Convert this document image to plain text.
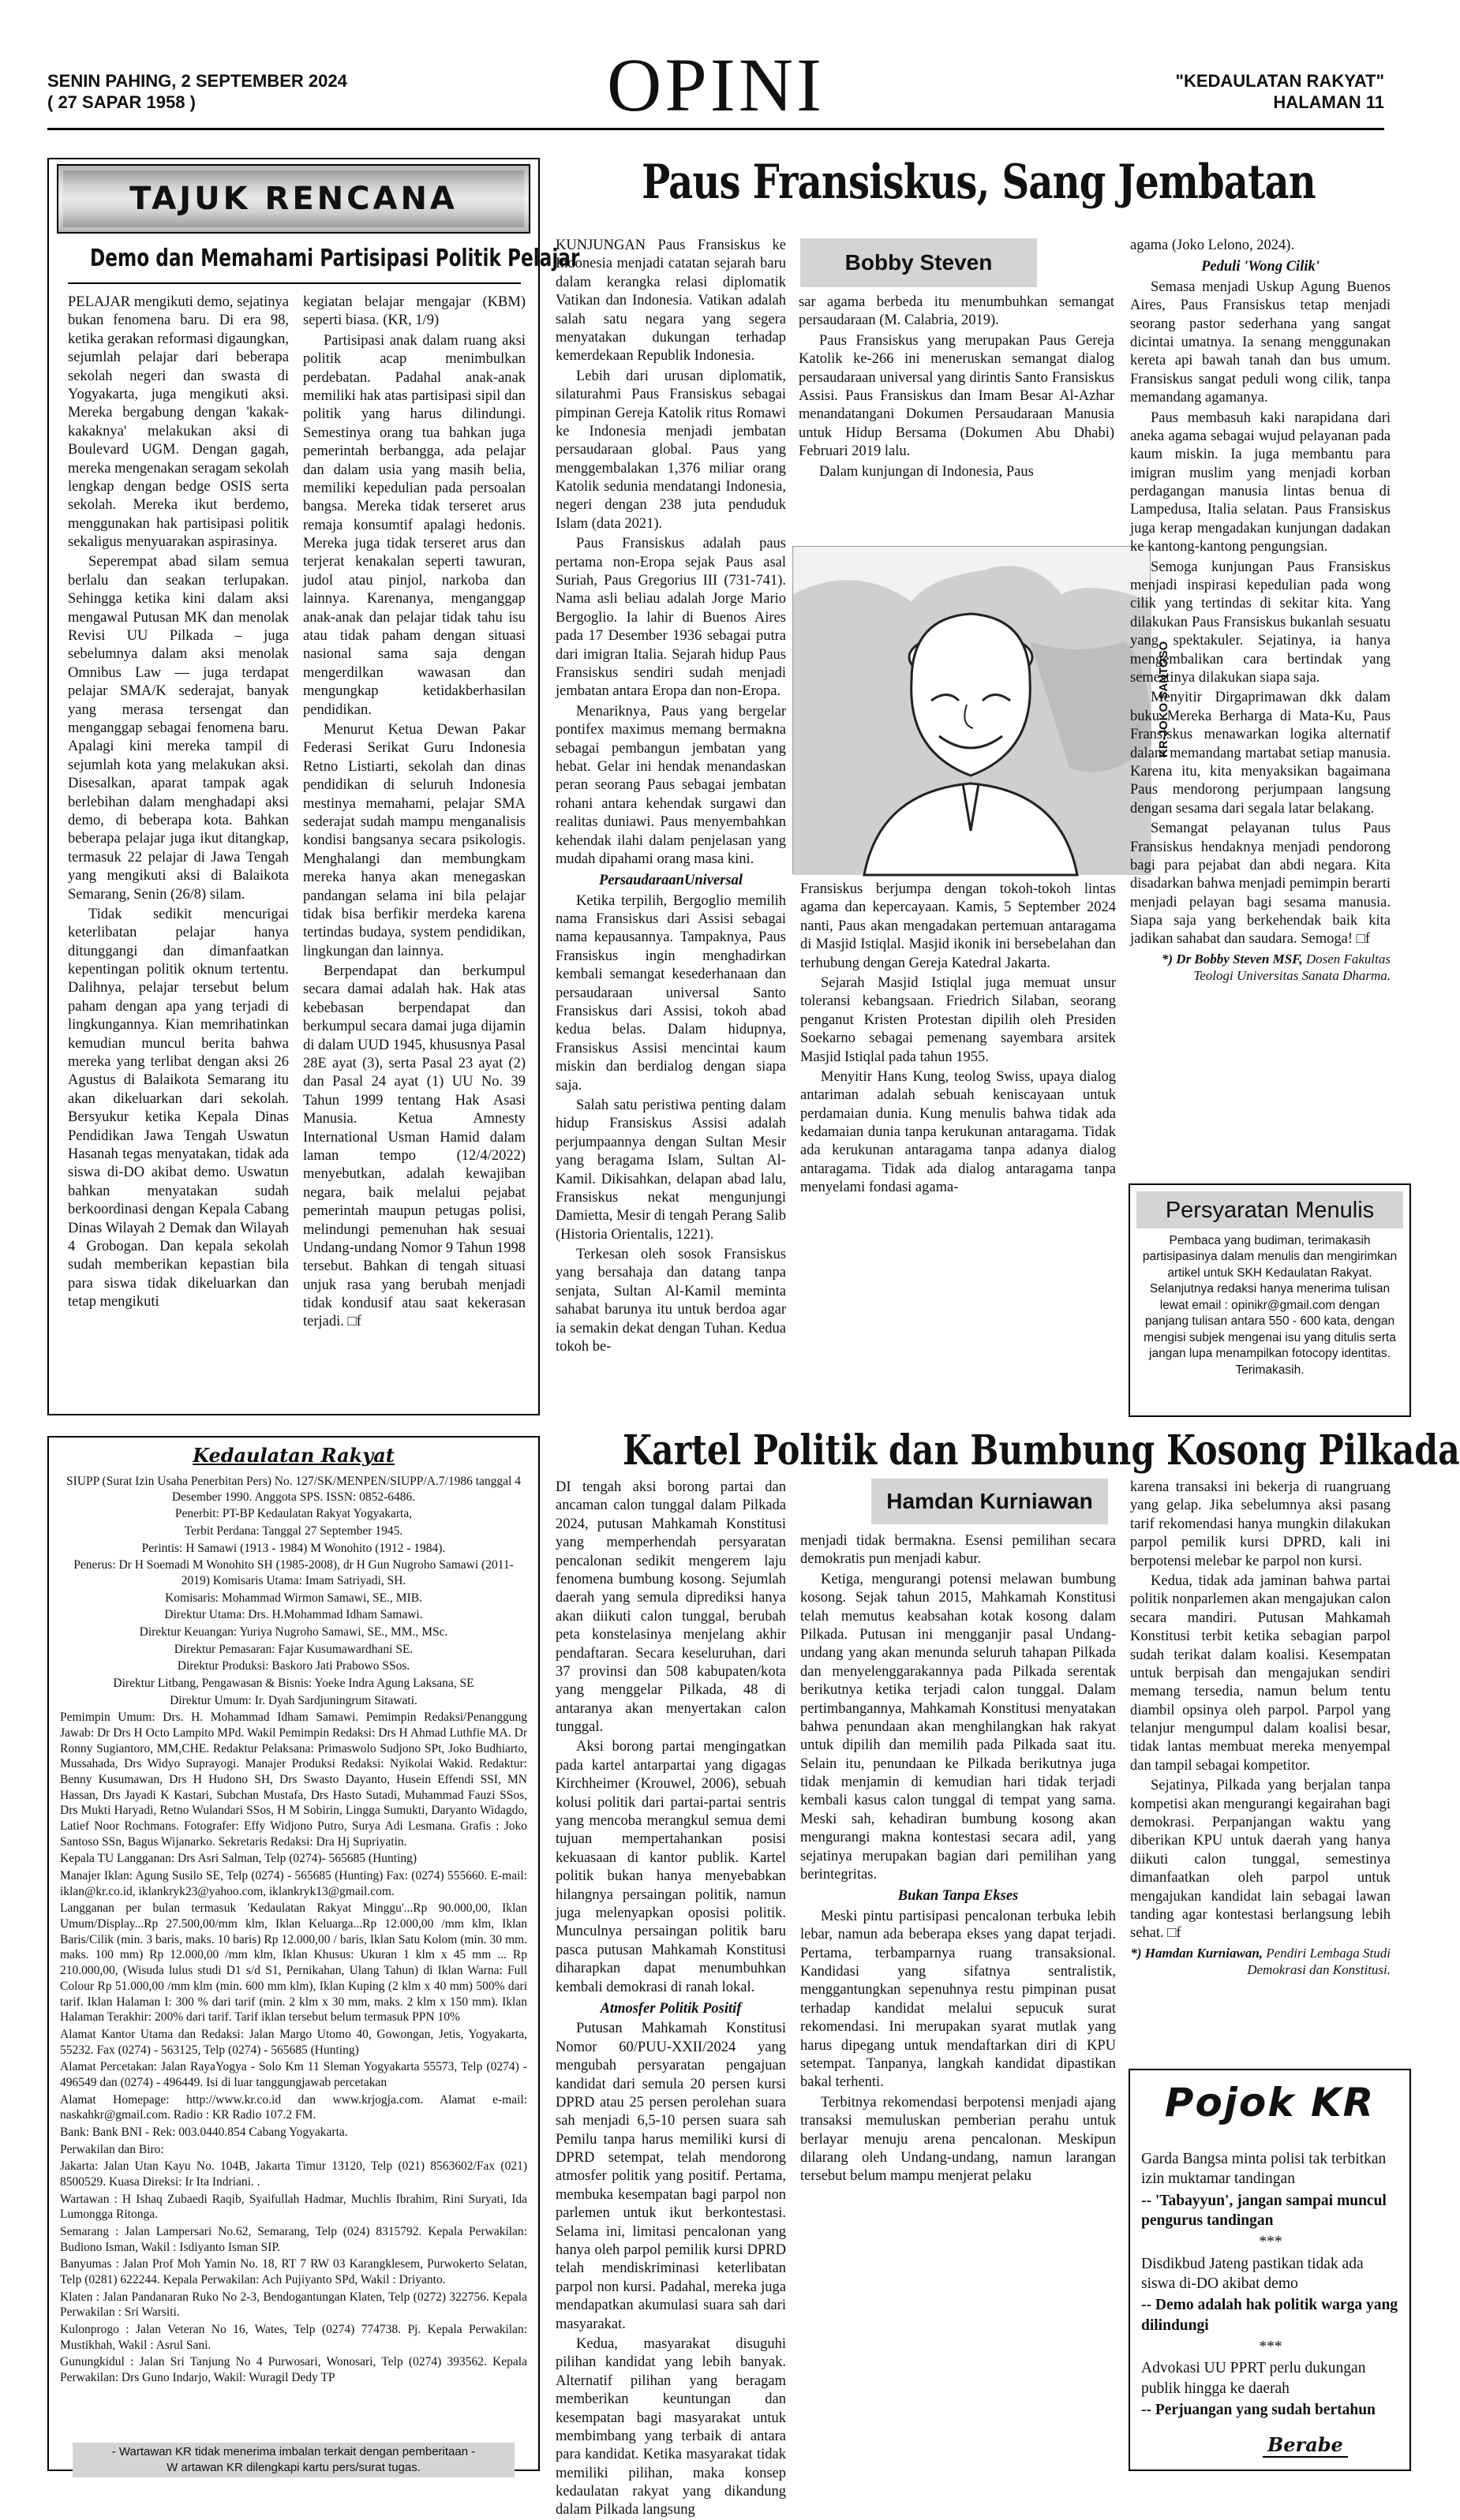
SENIN PAHING, 2 SEPTEMBER 2024
( 27 SAPAR 1958 )	OPINI	"KEDAULATAN RAKYAT"
HALAMAN 11
TAJUK RENCANA
Demo dan Memahami Partisipasi Politik Pelajar

PELAJAR mengikuti demo, sejatinya bukan fenomena baru. Di era 98, ketika gerakan reformasi digaungkan, sejumlah pelajar dari beberapa sekolah negeri dan swasta di Yogyakarta, juga mengikuti aksi. Mereka bergabung dengan 'kakak-kakaknya' melakukan aksi di Boulevard UGM. Dengan gagah, mereka mengenakan seragam sekolah lengkap dengan bedge OSIS serta sekolah. Mereka ikut berdemo, menggunakan hak partisipasi politik sekaligus menyuarakan aspirasinya.

Seperempat abad silam semua berlalu dan seakan terlupakan. Sehingga ketika kini dalam aksi mengawal Putusan MK dan menolak Revisi UU Pilkada – juga sebelumnya dalam aksi menolak Omnibus Law — juga terdapat pelajar SMA/K sederajat, banyak yang merasa tersengat dan menganggap sebagai fenomena baru. Apalagi kini mereka tampil di sejumlah kota yang melakukan aksi. Disesalkan, aparat tampak agak berlebihan dalam menghadapi aksi demo, di beberapa kota. Bahkan beberapa pelajar juga ikut ditangkap, termasuk 22 pelajar di Jawa Tengah yang mengikuti aksi di Balaikota Semarang, Senin (26/8) silam.

Tidak sedikit mencurigai keterlibatan pelajar hanya ditunggangi dan dimanfaatkan kepentingan politik oknum tertentu. Dalihnya, pelajar tersebut belum paham dengan apa yang terjadi di lingkungannya. Kian memrihatinkan kemudian muncul berita bahwa mereka yang terlibat dengan aksi 26 Agustus di Balaikota Semarang itu akan dikeluarkan dari sekolah. Bersyukur ketika Kepala Dinas Pendidikan Jawa Tengah Uswatun Hasanah tegas menyatakan, tidak ada siswa di-DO akibat demo. Uswatun bahkan menyatakan sudah berkoordinasi dengan Kepala Cabang Dinas Wilayah 2 Demak dan Wilayah 4 Grobogan. Dan kepala sekolah sudah memberikan kepastian bila para siswa tidak dikeluarkan dan tetap mengikuti

kegiatan belajar mengajar (KBM) seperti biasa. (KR, 1/9)

Partisipasi anak dalam ruang aksi politik acap menimbulkan perdebatan. Padahal anak-anak memiliki hak atas partisipasi sipil dan politik yang harus dilindungi. Semestinya orang tua bahkan juga pemerintah berbangga, ada pelajar dan dalam usia yang masih belia, memiliki kepedulian pada persoalan bangsa. Mereka tidak terseret arus remaja konsumtif apalagi hedonis. Mereka juga tidak terseret arus dan terjerat kenakalan seperti tawuran, judol atau pinjol, narkoba dan lainnya. Karenanya, menganggap anak-anak dan pelajar tidak tahu isu atau tidak paham dengan situasi nasional sama saja dengan mengerdilkan wawasan dan mengungkap ketidakberhasilan pendidikan.

Menurut Ketua Dewan Pakar Federasi Serikat Guru Indonesia Retno Listiarti, sekolah dan dinas pendidikan di seluruh Indonesia mestinya memahami, pelajar SMA sederajat sudah mampu menganalisis kondisi bangsanya secara psikologis. Menghalangi dan membungkam mereka hanya akan menegaskan pandangan selama ini bila pelajar tidak bisa berfikir merdeka karena tertindas budaya, system pendidikan, lingkungan dan lainnya.

Berpendapat dan berkumpul secara damai adalah hak. Hak atas kebebasan berpendapat dan berkumpul secara damai juga dijamin di dalam UUD 1945, khususnya Pasal 28E ayat (3), serta Pasal 23 ayat (2) dan Pasal 24 ayat (1) UU No. 39 Tahun 1999 tentang Hak Asasi Manusia. Ketua Amnesty International Usman Hamid dalam laman tempo (12/4/2022) menyebutkan, adalah kewajiban negara, baik melalui pejabat pemerintah maupun petugas polisi, melindungi pemenuhan hak sesuai Undang-undang Nomor 9 Tahun 1998 tersebut. Bahkan di tengah situasi unjuk rasa yang berubah menjadi tidak kondusif atau saat kekerasan terjadi. □f

Paus Fransiskus, Sang Jembatan

KUNJUNGAN Paus Fransiskus ke Indonesia menjadi catatan sejarah baru dalam kerangka relasi diplomatik Vatikan dan Indonesia. Vatikan adalah salah satu negara yang segera menyatakan dukungan terhadap kemerdekaan Republik Indonesia.

Lebih dari urusan diplomatik, silaturahmi Paus Fransiskus sebagai pimpinan Gereja Katolik ritus Romawi ke Indonesia menjadi jembatan persaudaraan global. Paus yang menggembalakan 1,376 miliar orang Katolik sedunia mendatangi Indonesia, negeri dengan 238 juta penduduk Islam (data 2021).

Paus Fransiskus adalah paus pertama non-Eropa sejak Paus asal Suriah, Paus Gregorius III (731-741). Nama asli beliau adalah Jorge Mario Bergoglio. Ia lahir di Buenos Aires pada 17 Desember 1936 sebagai putra dari imigran Italia. Sejarah hidup Paus Fransiskus sendiri sudah menjadi jembatan antara Eropa dan non-Eropa.

Menariknya, Paus yang bergelar pontifex maximus memang bermakna sebagai pembangun jembatan yang hebat. Gelar ini hendak menandaskan peran seorang Paus sebagai jembatan rohani antara kehendak surgawi dan realitas duniawi. Paus menyembahkan kehendak ilahi dalam penjelasan yang mudah dipahami orang masa kini.

PersaudaraanUniversal

Ketika terpilih, Bergoglio memilih nama Fransiskus dari Assisi sebagai nama kepausannya. Tampaknya, Paus Fransiskus ingin menghadirkan kembali semangat kesederhanaan dan persaudaraan universal Santo Fransiskus dari Assisi, tokoh abad kedua belas. Dalam hidupnya, Fransiskus Assisi mencintai kaum miskin dan berdialog dengan siapa saja.

Salah satu peristiwa penting dalam hidup Fransiskus Assisi adalah perjumpaannya dengan Sultan Mesir yang beragama Islam, Sultan Al-Kamil. Dikisahkan, delapan abad lalu, Fransiskus nekat mengunjungi Damietta, Mesir di tengah Perang Salib (Historia Orientalis, 1221).

Terkesan oleh sosok Fransiskus yang bersahaja dan datang tanpa senjata, Sultan Al-Kamil meminta sahabat barunya itu untuk berdoa agar ia semakin dekat dengan Tuhan. Kedua tokoh be-

Bobby Steven

sar agama berbeda itu menumbuhkan semangat persaudaraan (M. Calabria, 2019).

Paus Fransiskus yang merupakan Paus Gereja Katolik ke-266 ini meneruskan semangat dialog persaudaraan universal yang dirintis Santo Fransiskus Assisi. Paus Fransiskus dan Imam Besar Al-Azhar menandatangani Dokumen Persaudaraan Manusia untuk Hidup Bersama (Dokumen Abu Dhabi) Februari 2019 lalu.

Dalam kunjungan di Indonesia, Paus

KR-JOKO SANTOSO

Fransiskus berjumpa dengan tokoh-tokoh lintas agama dan kepercayaan. Kamis, 5 September 2024 nanti, Paus akan mengadakan pertemuan antaragama di Masjid Istiqlal. Masjid ikonik ini bersebelahan dan terhubung dengan Gereja Katedral Jakarta.

Sejarah Masjid Istiqlal juga memuat unsur toleransi kebangsaan. Friedrich Silaban, seorang penganut Kristen Protestan dipilih oleh Presiden Soekarno sebagai pemenang sayembara arsitek Masjid Istiqlal pada tahun 1955.

Menyitir Hans Kung, teolog Swiss, upaya dialog antariman adalah sebuah keniscayaan untuk perdamaian dunia. Kung menulis bahwa tidak ada kedamaian dunia tanpa kerukunan antaragama. Tidak ada kerukunan antaragama tanpa adanya dialog antaragama. Tidak ada dialog antaragama tanpa menyelami fondasi agama-

agama (Joko Lelono, 2024).

Peduli 'Wong Cilik'

Semasa menjadi Uskup Agung Buenos Aires, Paus Fransiskus tetap menjadi seorang pastor sederhana yang sangat dicintai umatnya. Ia senang menggunakan kereta api bawah tanah dan bus umum. Fransiskus sangat peduli wong cilik, tanpa memandang agamanya.

Paus membasuh kaki narapidana dari aneka agama sebagai wujud pelayanan pada kaum miskin. Ia juga membantu para imigran muslim yang menjadi korban perdagangan manusia lintas benua di Lampedusa, Italia selatan. Paus Fransiskus juga kerap mengadakan kunjungan dadakan ke kantong-kantong pengungsian.

Semoga kunjungan Paus Fransiskus menjadi inspirasi kepedulian pada wong cilik yang tertindas di sekitar kita. Yang dilakukan Paus Fransiskus bukanlah sesuatu yang spektakuler. Sejatinya, ia hanya mengembalikan cara bertindak yang semestinya dilakukan siapa saja.

Menyitir Dirgaprimawan dkk dalam buku Mereka Berharga di Mata-Ku, Paus Fransiskus menawarkan logika alternatif dalam memandang martabat setiap manusia. Karena itu, kita menyaksikan bagaimana Paus mendorong perjumpaan langsung dengan sesama dari segala latar belakang.

Semangat pelayanan tulus Paus Fransiskus hendaknya menjadi pendorong bagi para pejabat dan abdi negara. Kita disadarkan bahwa menjadi pemimpin berarti menjadi pelayan bagi sesama manusia. Siapa saja yang berkehendak baik kita jadikan sahabat dan saudara. Semoga! □f

*) Dr Bobby Steven MSF, Dosen Fakultas Teologi Universitas Sanata Dharma.
Persyaratan Menulis

Pembaca yang budiman, terimakasih partisipasinya dalam menulis dan mengirimkan artikel untuk SKH Kedaulatan Rakyat. Selanjutnya redaksi hanya menerima tulisan lewat email : opinikr@gmail.com dengan panjang tulisan antara 550 - 600 kata, dengan mengisi subjek mengenai isu yang ditulis serta jangan lupa menampilkan fotocopy identitas. Terimakasih.

Kartel Politik dan Bumbung Kosong Pilkada

DI tengah aksi borong partai dan ancaman calon tunggal dalam Pilkada 2024, putusan Mahkamah Konstitusi yang memperhendah persyaratan pencalonan sedikit mengerem laju fenomena bumbung kosong. Sejumlah daerah yang semula diprediksi hanya akan diikuti calon tunggal, berubah peta konstelasinya menjelang akhir pendaftaran. Secara keseluruhan, dari 37 provinsi dan 508 kabupaten/kota yang menggelar Pilkada, 48 di antaranya akan menyertakan calon tunggal.

Aksi borong partai mengingatkan pada kartel antarpartai yang digagas Kirchheimer (Krouwel, 2006), sebuah kolusi politik dari partai-partai sentris yang mencoba merangkul semua demi tujuan mempertahankan posisi kekuasaan di kantor publik. Kartel politik bukan hanya menyebabkan hilangnya persaingan politik, namun juga melenyapkan oposisi politik. Munculnya persaingan politik baru pasca putusan Mahkamah Konstitusi diharapkan dapat menumbuhkan kembali demokrasi di ranah lokal.

Atmosfer Politik Positif

Putusan Mahkamah Konstitusi Nomor 60/PUU-XXII/2024 yang mengubah persyaratan pengajuan kandidat dari semula 20 persen kursi DPRD atau 25 persen perolehan suara sah menjadi 6,5-10 persen suara sah Pemilu tanpa harus memiliki kursi di DPRD setempat, telah mendorong atmosfer politik yang positif. Pertama, membuka kesempatan bagi parpol non parlemen untuk ikut berkontestasi. Selama ini, limitasi pencalonan yang hanya oleh parpol pemilik kursi DPRD telah mendiskriminasi keterlibatan parpol non kursi. Padahal, mereka juga mendapatkan akumulasi suara sah dari masyarakat.

Kedua, masyarakat disuguhi pilihan kandidat yang lebih banyak. Alternatif pilihan yang beragam memberikan keuntungan dan kesempatan bagi masyarakat untuk membimbang yang terbaik di antara para kandidat. Ketika masyarakat tidak memiliki pilihan, maka konsep kedaulatan rakyat yang dikandung dalam Pilkada langsung

Hamdan Kurniawan

menjadi tidak bermakna. Esensi pemilihan secara demokratis pun menjadi kabur.

Ketiga, mengurangi potensi melawan bumbung kosong. Sejak tahun 2015, Mahkamah Konstitusi telah memutus keabsahan kotak kosong dalam Pilkada. Putusan ini mengganjir pasal Undang-undang yang akan menunda seluruh tahapan Pilkada dan menyelenggarakannya pada Pilkada serentak berikutnya ketika terjadi calon tunggal. Dalam pertimbangannya, Mahkamah Konstitusi menyatakan bahwa penundaan akan menghilangkan hak rakyat untuk dipilih dan memilih pada Pilkada saat itu. Selain itu, penundaan ke Pilkada berikutnya juga tidak menjamin di kemudian hari tidak terjadi kembali kasus calon tunggal di tempat yang sama. Meski sah, kehadiran bumbung kosong akan mengurangi makna kontestasi secara adil, yang sejatinya merupakan bagian dari pemilihan yang berintegritas.

Bukan Tanpa Ekses

Meski pintu partisipasi pencalonan terbuka lebih lebar, namun ada beberapa ekses yang dapat terjadi. Pertama, terbamparnya ruang transaksional. Kandidasi yang sifatnya sentralistik, menggantungkan sepenuhnya restu pimpinan pusat terhadap kandidat melalui sepucuk surat rekomendasi. Ini merupakan syarat mutlak yang harus dipegang untuk mendaftarkan diri di KPU setempat. Tanpanya, langkah kandidat dipastikan bakal terhenti.

Terbitnya rekomendasi berpotensi menjadi ajang transaksi memuluskan pemberian perahu untuk berlayar menuju arena pencalonan. Meskipun dilarang oleh Undang-undang, namun larangan tersebut belum mampu menjerat pelaku

karena transaksi ini bekerja di ruangruang yang gelap. Jika sebelumnya aksi pasang tarif rekomendasi hanya mungkin dilakukan parpol pemilik kursi DPRD, kali ini berpotensi melebar ke parpol non kursi.

Kedua, tidak ada jaminan bahwa partai politik nonparlemen akan mengajukan calon secara mandiri. Putusan Mahkamah Konstitusi terbit ketika sebagian parpol sudah terikat dalam koalisi. Kesempatan untuk berpisah dan mengajukan sendiri memang tersedia, namun belum tentu diambil opsinya oleh parpol. Parpol yang telanjur mengumpul dalam koalisi besar, tidak lantas membuat mereka menyempal dan tampil sebagai kompetitor.

Sejatinya, Pilkada yang berjalan tanpa kompetisi akan mengurangi kegairahan bagi demokrasi. Perpanjangan waktu yang diberikan KPU untuk daerah yang hanya diikuti calon tunggal, semestinya dimanfaatkan oleh parpol untuk mengajukan kandidat lain sebagai lawan tanding agar kontestasi berlangsung lebih sehat. □f

*) Hamdan Kurniawan, Pendiri Lembaga Studi Demokrasi dan Konstitusi.
Kedaulatan Rakyat

SIUPP (Surat Izin Usaha Penerbitan Pers) No. 127/SK/MENPEN/SIUPP/A.7/1986 tanggal 4 Desember 1990. Anggota SPS. ISSN: 0852-6486.

Penerbit: PT-BP Kedaulatan Rakyat Yogyakarta,

Terbit Perdana: Tanggal 27 September 1945.

Perintis: H Samawi (1913 - 1984) M Wonohito (1912 - 1984).

Penerus: Dr H Soemadi M Wonohito SH (1985-2008), dr H Gun Nugroho Samawi (2011-2019) Komisaris Utama: Imam Satriyadi, SH.

Komisaris: Mohammad Wirmon Samawi, SE., MIB.

Direktur Utama: Drs. H.Mohammad Idham Samawi.

Direktur Keuangan: Yuriya Nugroho Samawi, SE., MM., MSc.

Direktur Pemasaran: Fajar Kusumawardhani SE.

Direktur Produksi: Baskoro Jati Prabowo SSos.

Direktur Litbang, Pengawasan & Bisnis: Yoeke Indra Agung Laksana, SE

Direktur Umum: Ir. Dyah Sardjuningrum Sitawati.

Pemimpin Umum: Drs. H. Mohammad Idham Samawi. Pemimpin Redaksi/Penanggung Jawab: Dr Drs H Octo Lampito MPd. Wakil Pemimpin Redaksi: Drs H Ahmad Luthfie MA. Dr Ronny Sugiantoro, MM,CHE. Redaktur Pelaksana: Primaswolo Sudjono SPt, Joko Budhiarto, Mussahada, Drs Widyo Suprayogi. Manajer Produksi Redaksi: Nyikolai Wakid. Redaktur: Benny Kusumawan, Drs H Hudono SH, Drs Swasto Dayanto, Husein Effendi SSI, MN Hassan, Drs Jayadi K Kastari, Subchan Mustafa, Drs Hasto Sutadi, Muhammad Fauzi SSos, Drs Mukti Haryadi, Retno Wulandari SSos, H M Sobirin, Lingga Sumukti, Daryanto Widagdo, Latief Noor Rochmans. Fotografer: Effy Widjono Putro, Surya Adi Lesmana. Grafis : Joko Santoso SSn, Bagus Wijanarko. Sekretaris Redaksi: Dra Hj Supriyatin.

Kepala TU Langganan: Drs Asri Salman, Telp (0274)- 565685 (Hunting)

Manajer Iklan: Agung Susilo SE, Telp (0274) - 565685 (Hunting) Fax: (0274) 555660. E-mail: iklan@kr.co.id, iklankryk23@yahoo.com, iklankryk13@gmail.com.

Langganan per bulan termasuk 'Kedaulatan Rakyat Minggu'...Rp 90.000,00, Iklan Umum/Display...Rp 27.500,00/mm klm, Iklan Keluarga...Rp 12.000,00 /mm klm, Iklan Baris/Cilik (min. 3 baris, maks. 10 baris) Rp 12.000,00 / baris, Iklan Satu Kolom (min. 30 mm. maks. 100 mm) Rp 12.000,00 /mm klm, Iklan Khusus: Ukuran 1 klm x 45 mm ... Rp 210.000,00, (Wisuda lulus studi D1 s/d S1, Pernikahan, Ulang Tahun) di Iklan Warna: Full Colour Rp 51.000,00 /mm klm (min. 600 mm klm), Iklan Kuping (2 klm x 40 mm) 500% dari tarif. Iklan Halaman I: 300 % dari tarif (min. 2 klm x 30 mm, maks. 2 klm x 150 mm). Iklan Halaman Terakhir: 200% dari tarif. Tarif iklan tersebut belum termasuk PPN 10%

Alamat Kantor Utama dan Redaksi: Jalan Margo Utomo 40, Gowongan, Jetis, Yogyakarta, 55232. Fax (0274) - 563125, Telp (0274) - 565685 (Hunting)

Alamat Percetakan: Jalan RayaYogya - Solo Km 11 Sleman Yogyakarta 55573, Telp (0274) - 496549 dan (0274) - 496449. Isi di luar tanggungjawab percetakan

Alamat Homepage: http://www.kr.co.id dan www.krjogja.com. Alamat e-mail: naskahkr@gmail.com. Radio : KR Radio 107.2 FM.

Bank: Bank BNI - Rek: 003.0440.854 Cabang Yogyakarta.

Perwakilan dan Biro:

Jakarta: Jalan Utan Kayu No. 104B, Jakarta Timur 13120, Telp (021) 8563602/Fax (021) 8500529. Kuasa Direksi: Ir Ita Indriani. .

Wartawan : H Ishaq Zubaedi Raqib, Syaifullah Hadmar, Muchlis Ibrahim, Rini Suryati, Ida Lumongga Ritonga.

Semarang : Jalan Lampersari No.62, Semarang, Telp (024) 8315792. Kepala Perwakilan: Budiono Isman, Wakil : Isdiyanto Isman SIP.

Banyumas : Jalan Prof Moh Yamin No. 18, RT 7 RW 03 Karangklesem, Purwokerto Selatan, Telp (0281) 622244. Kepala Perwakilan: Ach Pujiyanto SPd, Wakil : Driyanto.

Klaten : Jalan Pandanaran Ruko No 2-3, Bendogantungan Klaten, Telp (0272) 322756. Kepala Perwakilan : Sri Warsiti.

Kulonprogo : Jalan Veteran No 16, Wates, Telp (0274) 774738. Pj. Kepala Perwakilan: Mustikhah, Wakil : Asrul Sani.

Gunungkidul : Jalan Sri Tanjung No 4 Purwosari, Wonosari, Telp (0274) 393562. Kepala Perwakilan: Drs Guno Indarjo, Wakil: Wuragil Dedy TP

- Wartawan KR tidak menerima imbalan terkait dengan pemberitaan -
W artawan KR dilengkapi kartu pers/surat tugas.
Pojok KR

Garda Bangsa minta polisi tak terbitkan izin muktamar tandingan

-- 'Tabayyun', jangan sampai muncul pengurus tandingan

***

Disdikbud Jateng pastikan tidak ada siswa di-DO akibat demo

-- Demo adalah hak politik warga yang dilindungi

***

Advokasi UU PPRT perlu dukungan publik hingga ke daerah

-- Perjuangan yang sudah bertahun

Berabe
